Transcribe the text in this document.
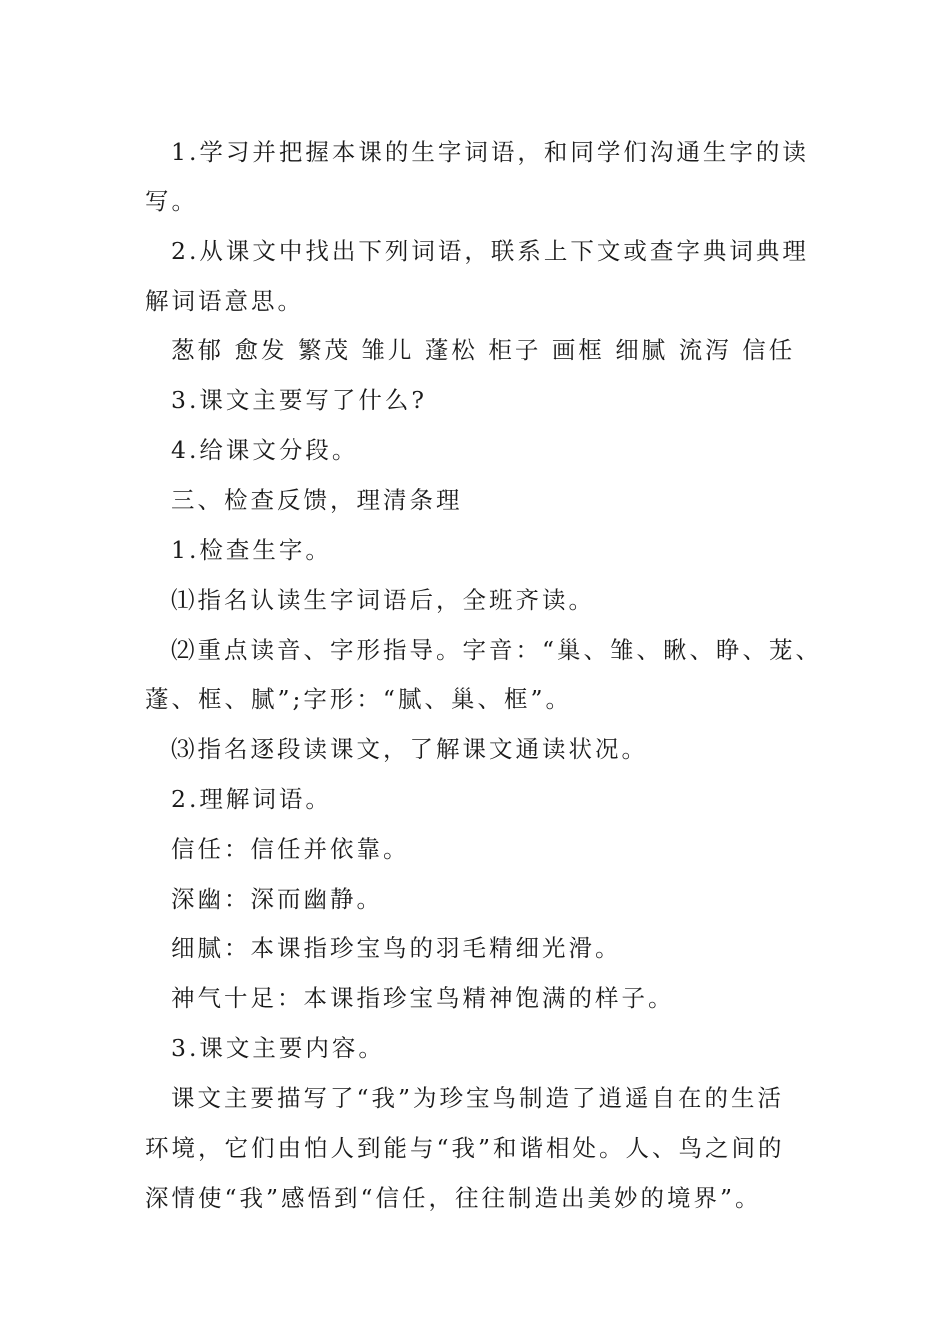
1.学习并把握本课的生字词语，和同学们沟通生字的读
写。
2.从课文中找出下列词语，联系上下文或查字典词典理
解词语意思。
葱郁 愈发 繁茂 雏儿 蓬松 柜子 画框 细腻 流泻 信任
3.课文主要写了什么?
4.给课文分段。
三、检查反馈，理清条理
1.检查生字。
⑴指名认读生字词语后，全班齐读。
⑵重点读音、字形指导。字音：“巢、雏、瞅、睁、茏、
蓬、框、腻”;字形：“腻、巢、框”。
⑶指名逐段读课文，了解课文通读状况。
2.理解词语。
信任：信任并依靠。
深幽：深而幽静。
细腻：本课指珍宝鸟的羽毛精细光滑。
神气十足：本课指珍宝鸟精神饱满的样子。
3.课文主要内容。
课文主要描写了“我”为珍宝鸟制造了逍遥自在的生活
环境，它们由怕人到能与“我”和谐相处。人、鸟之间的
深情使“我”感悟到“信任，往往制造出美妙的境界”。
